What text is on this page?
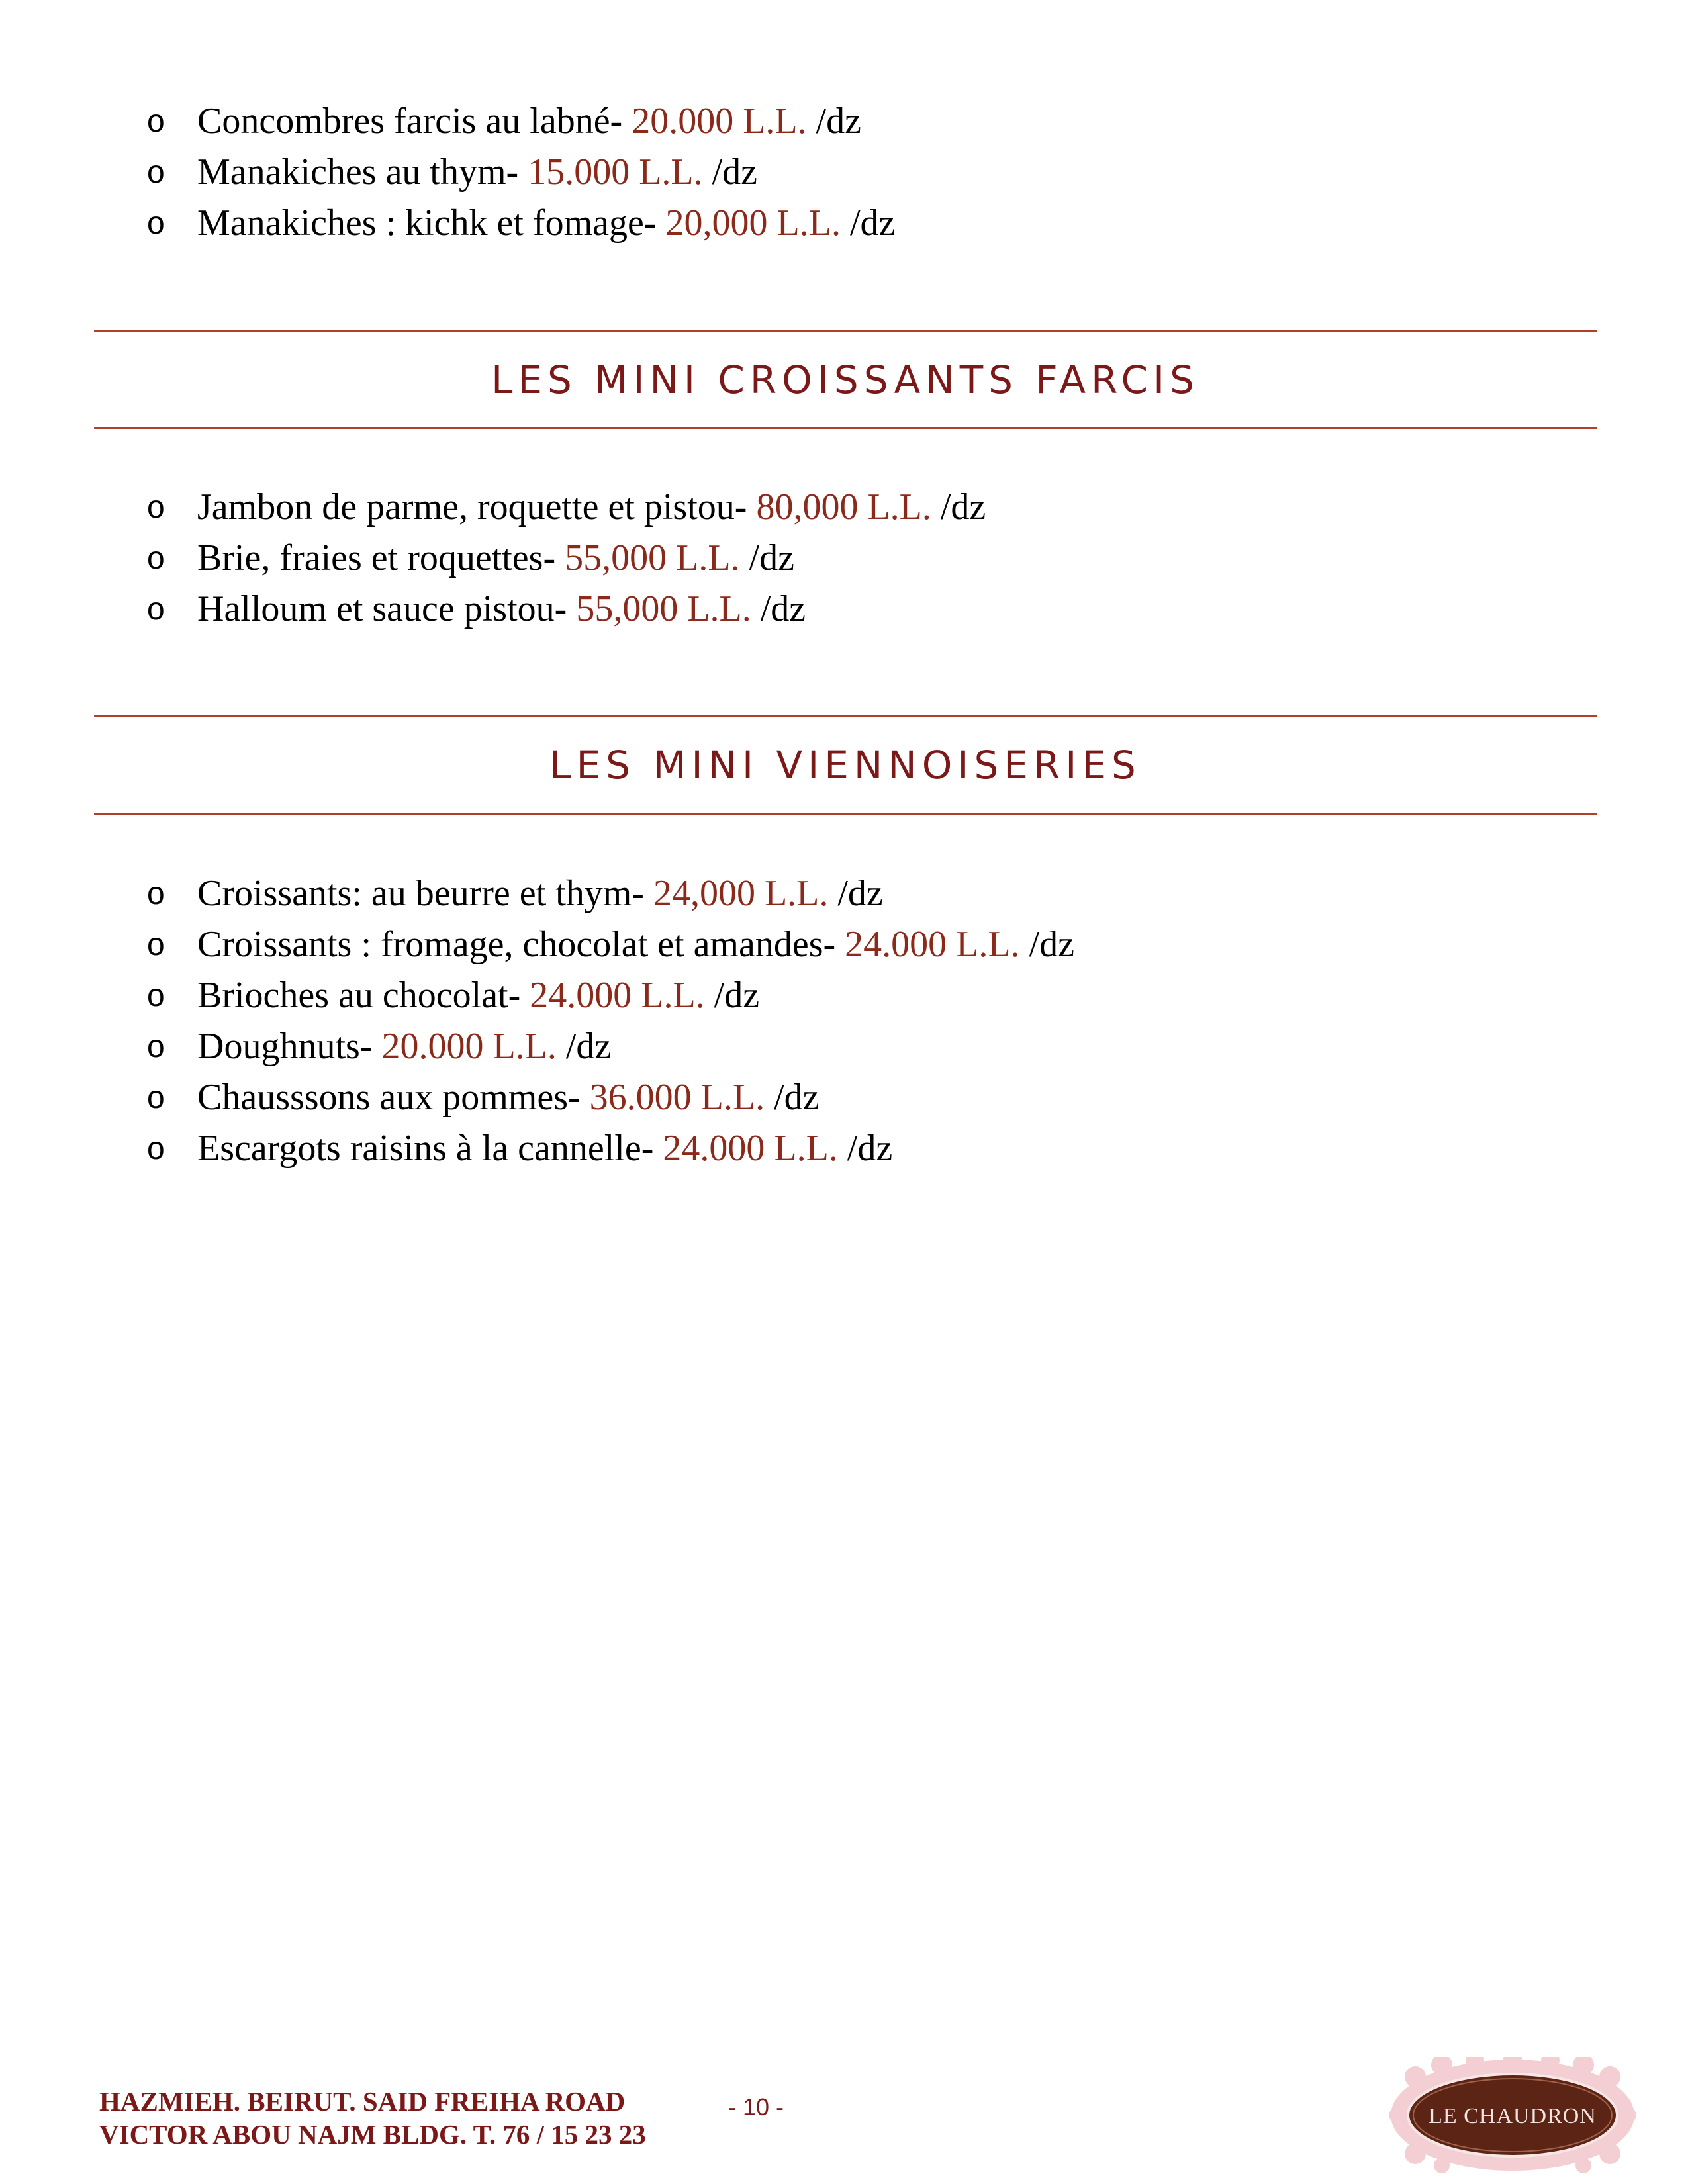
o Concombres farcis au labné- 20.000 L.L. /dz
o Manakiches au thym- 15.000 L.L. /dz
o Manakiches : kichk et fomage- 20,000 L.L. /dz
LES MINI CROISSANTS FARCIS
o Jambon de parme, roquette et pistou- 80,000 L.L. /dz
o Brie, fraies et roquettes- 55,000 L.L. /dz
o Halloum et sauce pistou- 55,000 L.L. /dz
LES MINI VIENNOISERIES
o Croissants: au beurre et thym- 24,000 L.L. /dz
o Croissants : fromage, chocolat et amandes- 24.000 L.L. /dz
o Brioches au chocolat- 24.000 L.L. /dz
o Doughnuts- 20.000 L.L. /dz
o Chausssons aux pommes- 36.000 L.L. /dz
o Escargots raisins à la cannelle- 24.000 L.L. /dz
HAZMIEH. BEIRUT. SAID FREIHA ROAD
VICTOR ABOU NAJM BLDG. T. 76 / 15 23 23
- 10 -	LE CHAUDRON
